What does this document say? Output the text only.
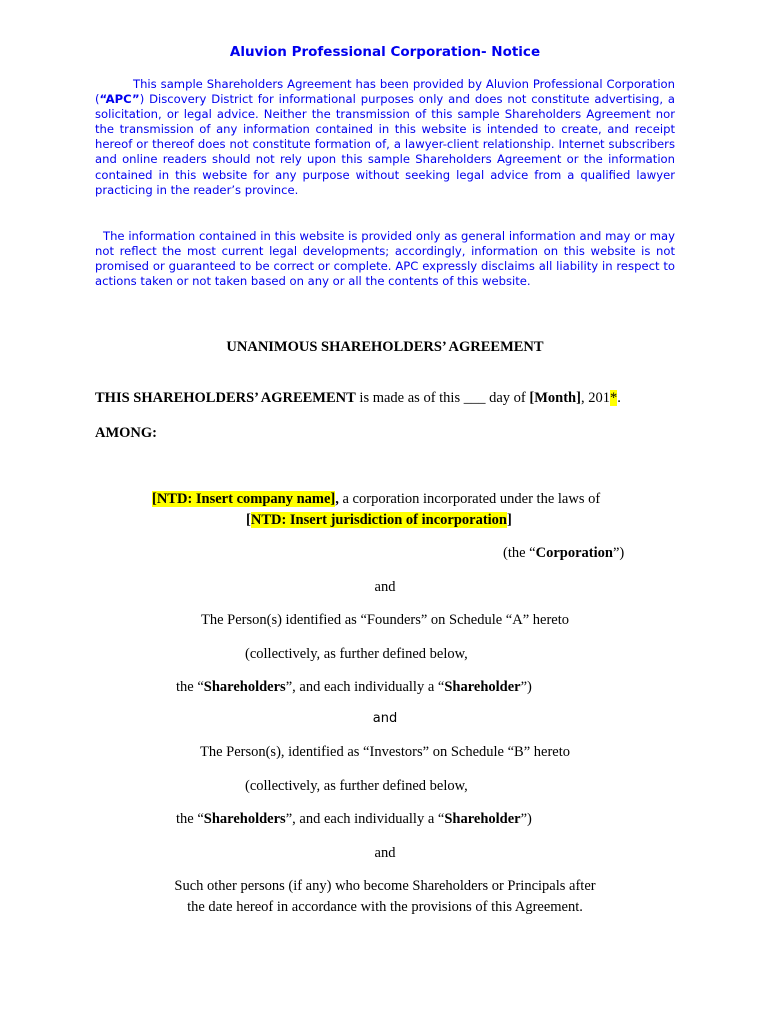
Aluvion Professional Corporation- Notice

This sample Shareholders Agreement has been provided by Aluvion Professional Corporation (“APC”) Discovery District for informational purposes only and does not constitute advertising, a solicitation, or legal advice. Neither the transmission of this sample Shareholders Agreement nor the transmission of any information contained in this website is intended to create, and receipt hereof or thereof does not constitute formation of, a lawyer-client relationship. Internet subscribers and online readers should not rely upon this sample Shareholders Agreement or the information contained in this website for any purpose without seeking legal advice from a qualified lawyer practicing in the reader’s province.

The information contained in this website is provided only as general information and may or may not reflect the most current legal developments; accordingly, information on this website is not promised or guaranteed to be correct or complete. APC expressly disclaims all liability in respect to actions taken or not taken based on any or all the contents of this website.

UNANIMOUS SHAREHOLDERS’ AGREEMENT
THIS SHAREHOLDERS’ AGREEMENT is made as of this ___ day of [Month], 201*.
AMONG:
[NTD: Insert company name], a corporation incorporated under the laws of
[NTD: Insert jurisdiction of incorporation]
(the “Corporation”)
and
The Person(s) identified as “Founders” on Schedule “A” hereto
(collectively, as further defined below,
the “Shareholders”, and each individually a “Shareholder”)
and
The Person(s), identified as “Investors” on Schedule “B” hereto
(collectively, as further defined below,
the “Shareholders”, and each individually a “Shareholder”)
and
Such other persons (if any) who become Shareholders or Principals after
the date hereof in accordance with the provisions of this Agreement.
